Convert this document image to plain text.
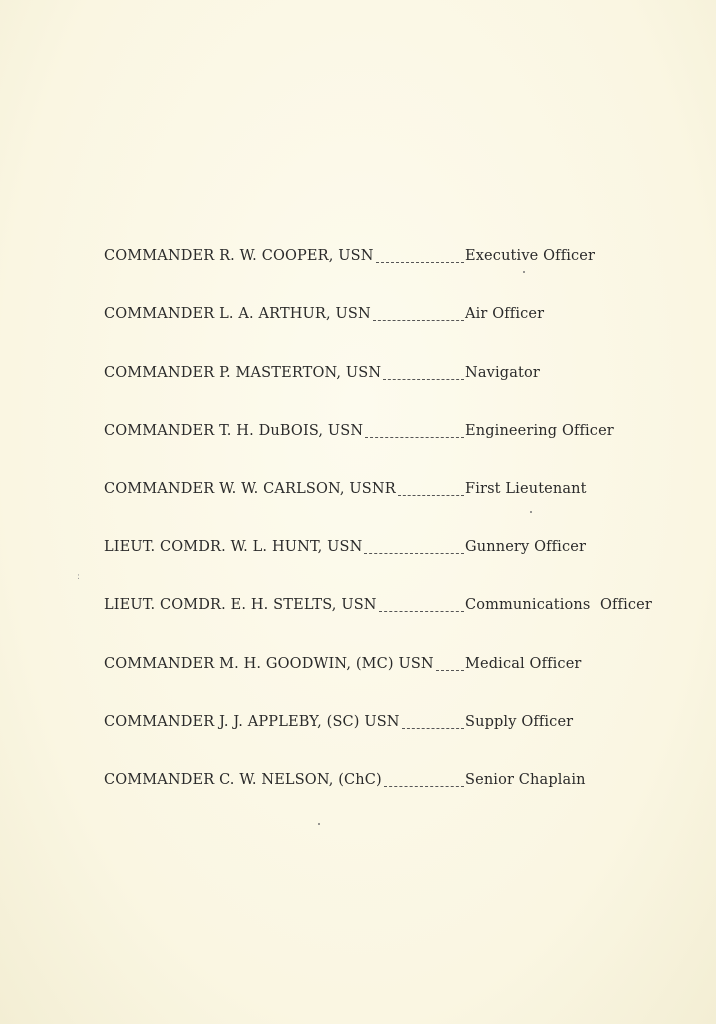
COMMANDER R. W. COOPER, USN	Executive Officer
COMMANDER L. A. ARTHUR, USN	Air Officer
COMMANDER P. MASTERTON, USN	Navigator
COMMANDER T. H. DuBOIS, USN	Engineering Officer
COMMANDER W. W. CARLSON, USNR	First Lieutenant
LIEUT. COMDR. W. L. HUNT, USN	Gunnery Officer
LIEUT. COMDR. E. H. STELTS, USN	Communications  Officer
COMMANDER M. H. GOODWIN, (MC) USN Medical Officer
COMMANDER J. J. APPLEBY, (SC) USN	Supply Officer
COMMANDER C. W. NELSON, (ChC)	Senior Chaplain
:
